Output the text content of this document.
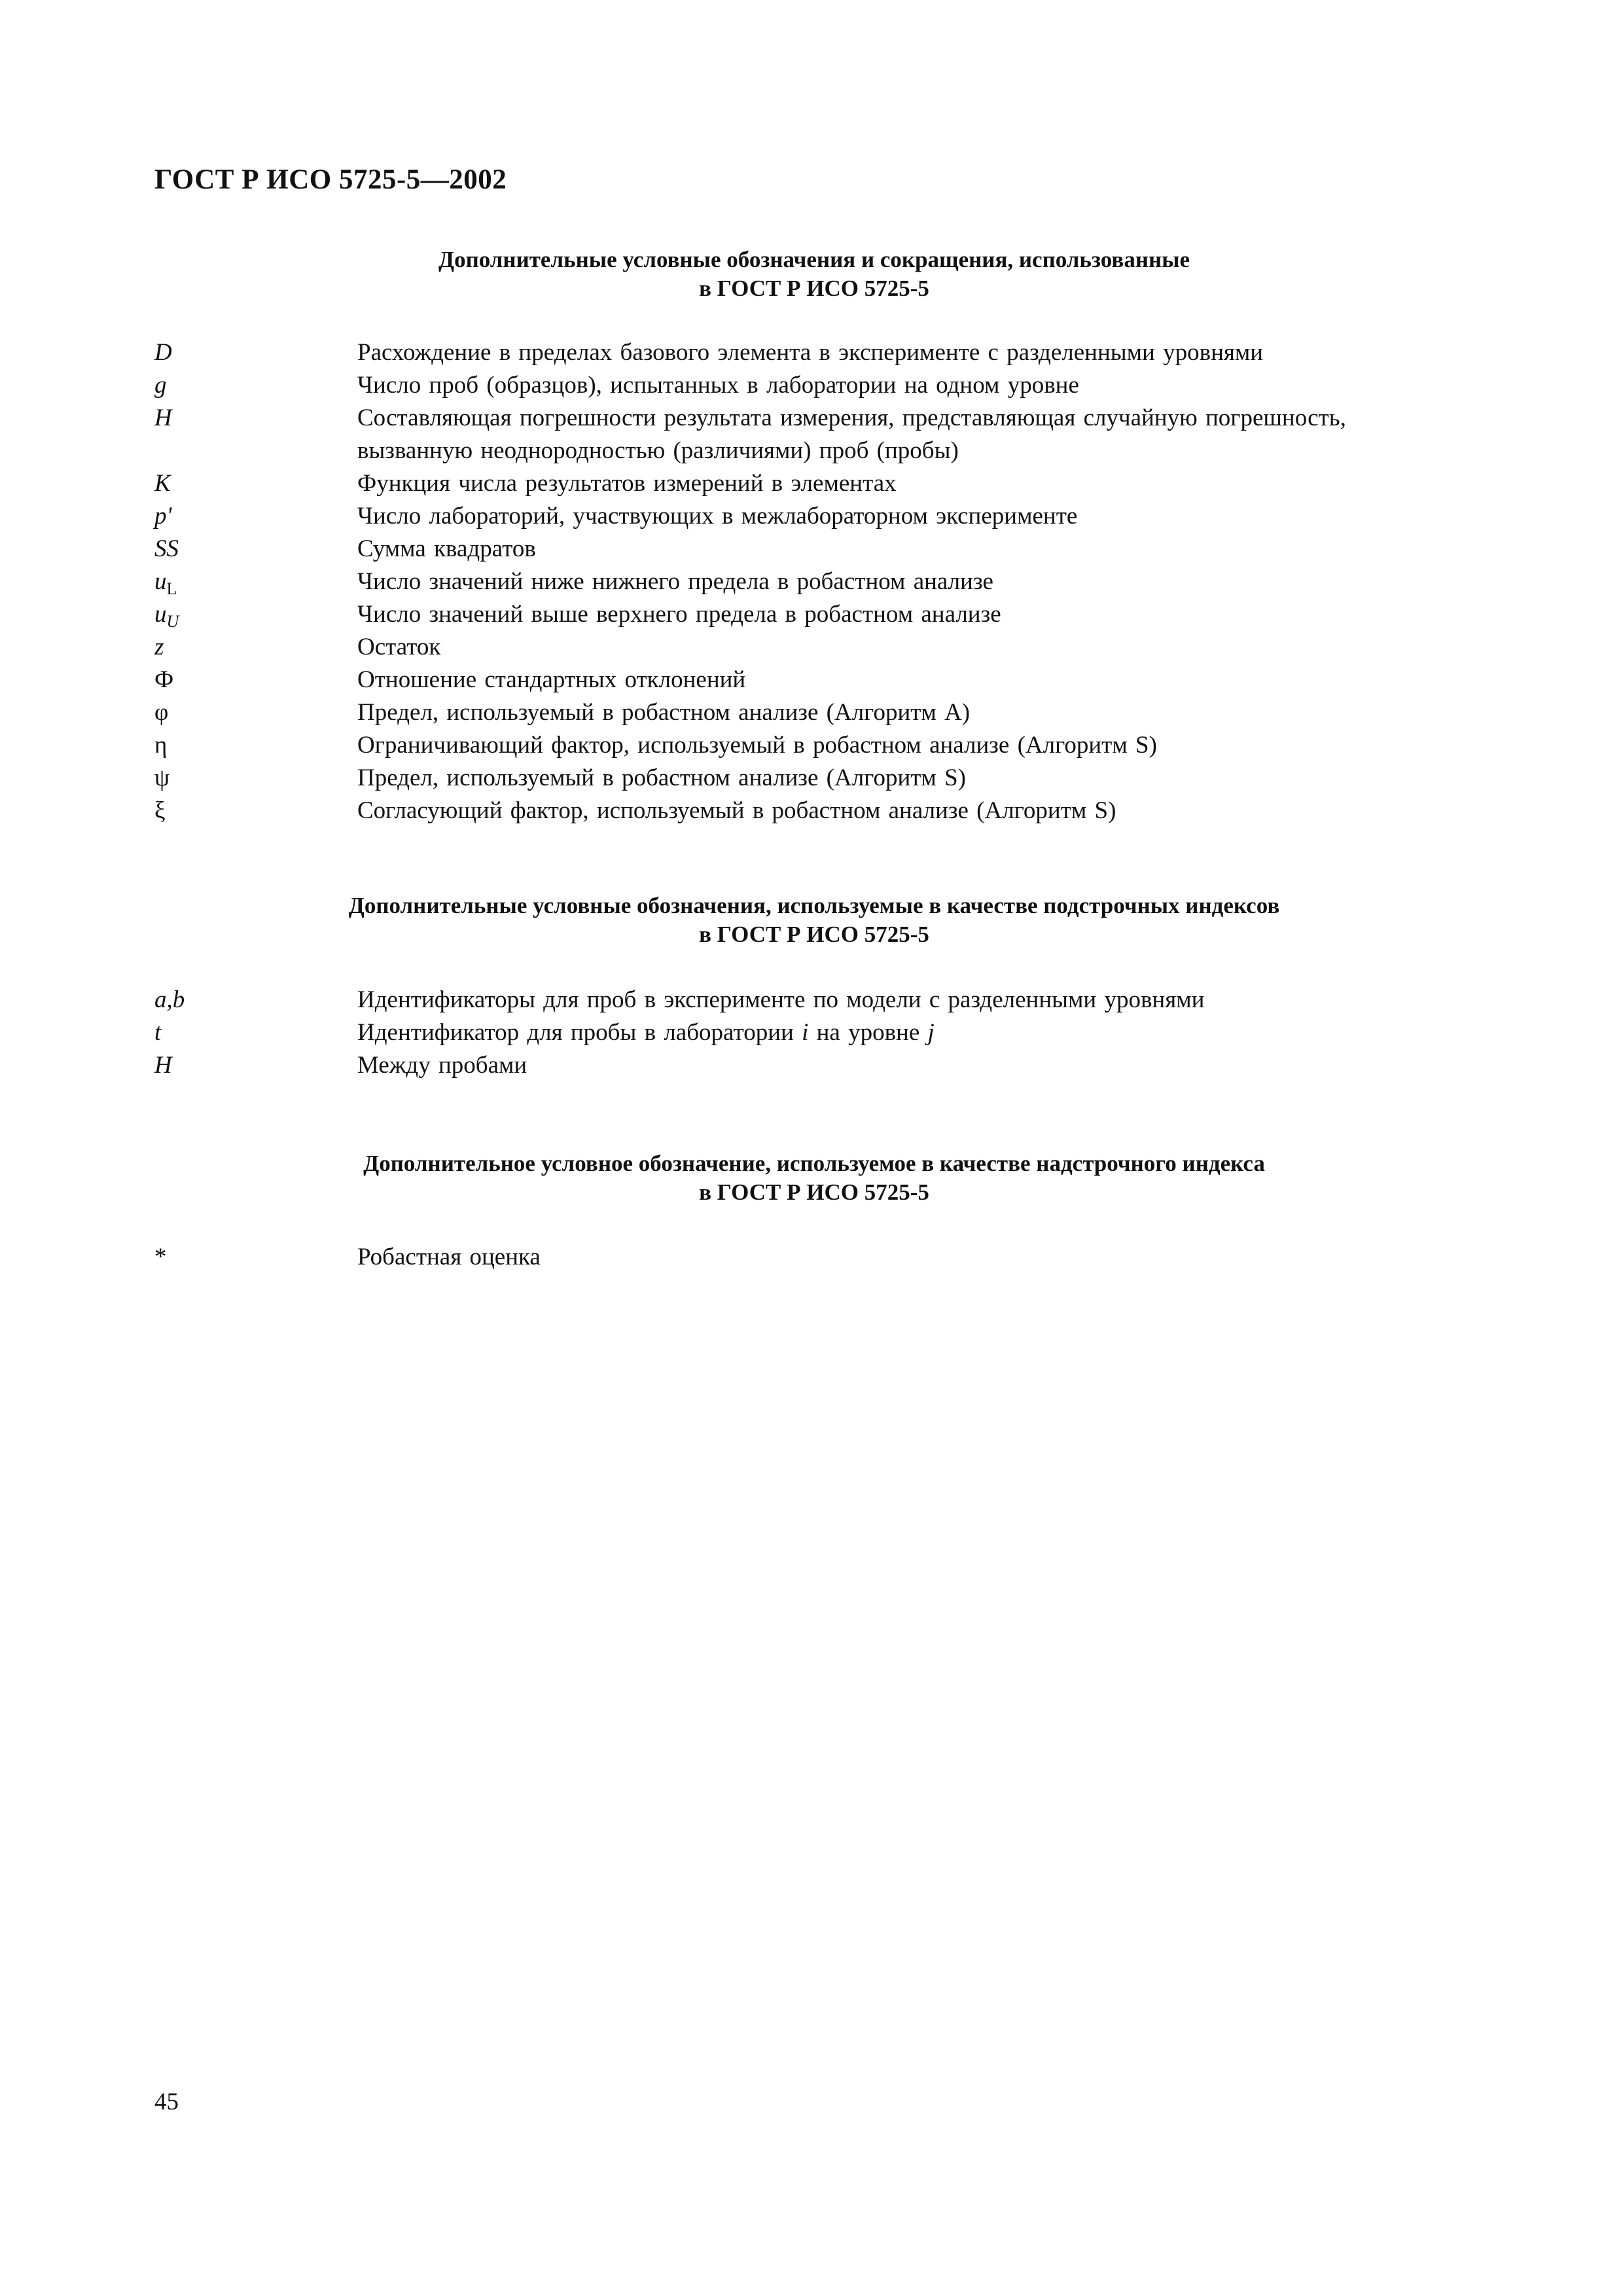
ГОСТ Р ИСО 5725-5—2002
Дополнительные условные обозначения и сокращения, использованные
в ГОСТ Р ИСО 5725-5
D	Расхождение в пределах базового элемента в эксперименте с разделенными уровнями
g	Число проб (образцов), испытанных в лаборатории на одном уровне
H	Составляющая погрешности результата измерения, представляющая случайную погрешность,
вызванную неоднородностью (различиями) проб (пробы)
K	Функция числа результатов измерений в элементах
p'	Число лабораторий, участвующих в межлабораторном эксперименте
SS	Сумма квадратов
$u_L$	Число значений ниже нижнего предела в робастном анализе
$u_U$	Число значений выше верхнего предела в робастном анализе
z	Остаток
Ф	Отношение стандартных отклонений
φ	Предел, используемый в робастном анализе (Алгоритм А)
η	Ограничивающий фактор, используемый в робастном анализе (Алгоритм S)
ψ	Предел, используемый в робастном анализе (Алгоритм S)
ξ	Согласующий фактор, используемый в робастном анализе (Алгоритм S)
Дополнительные условные обозначения, используемые в качестве подстрочных индексов
в ГОСТ Р ИСО 5725-5
a,b	Идентификаторы для проб в эксперименте по модели с разделенными уровнями
t	Идентификатор для пробы в лаборатории i на уровне j
H	Между пробами
Дополнительное условное обозначение, используемое в качестве надстрочного индекса
в ГОСТ Р ИСО 5725-5
*	Робастная оценка

45
